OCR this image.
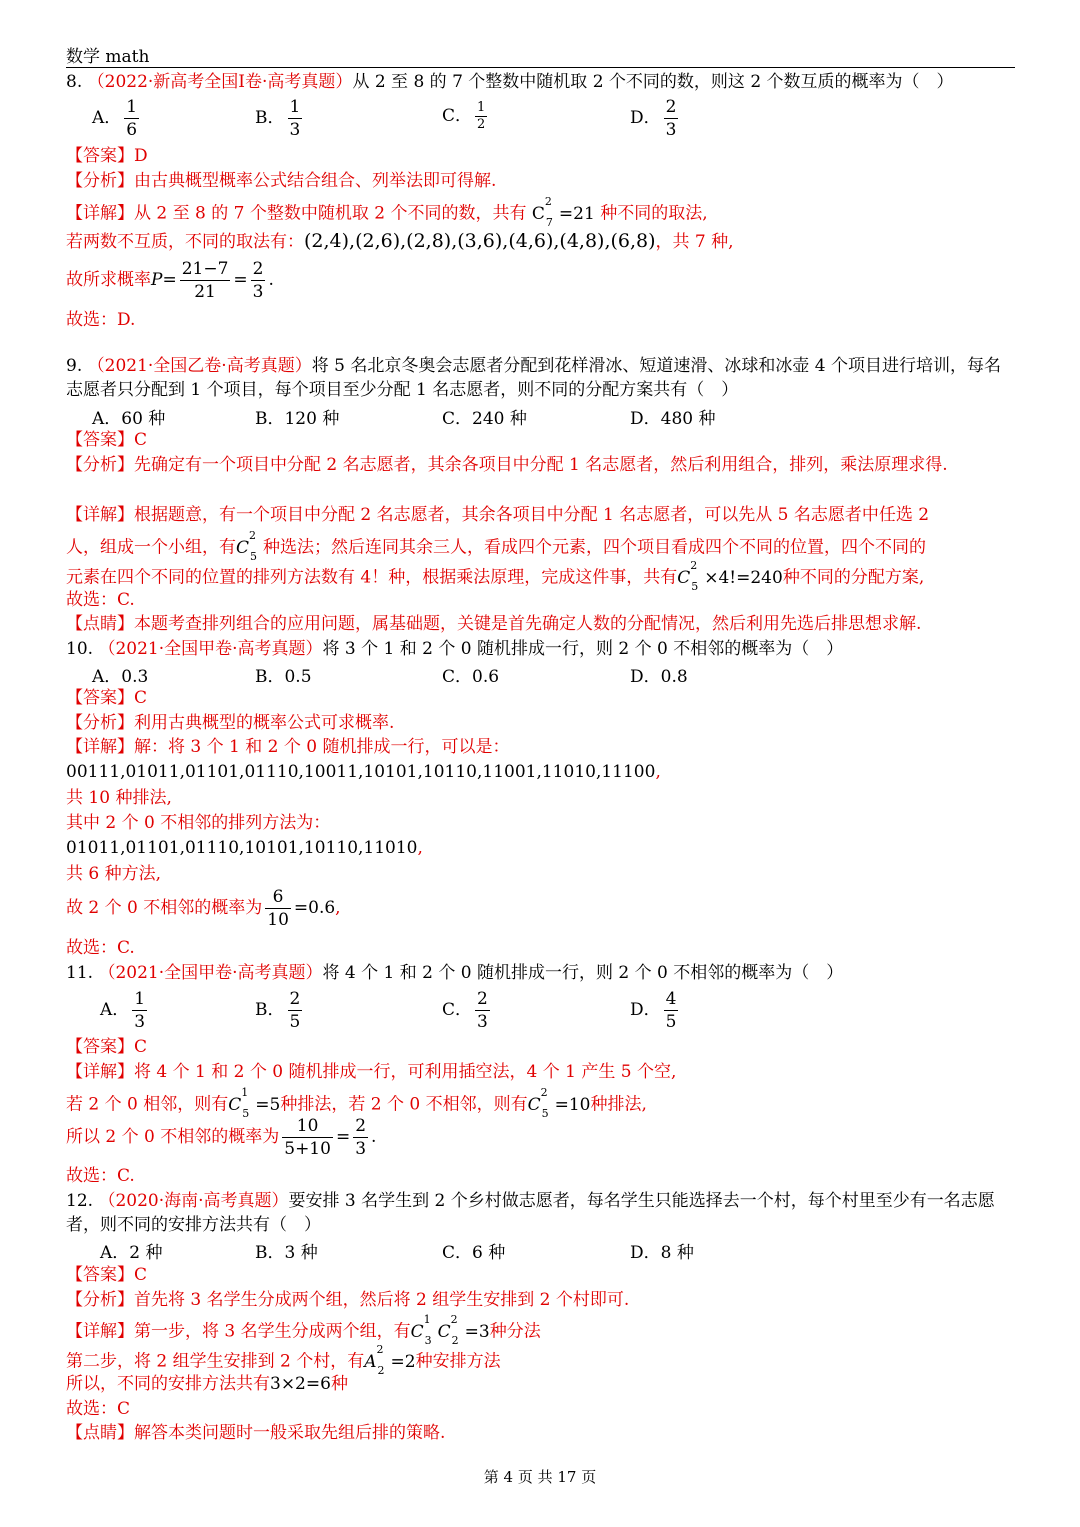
数学 math
8. （2022·新高考全国Ⅰ卷·高考真题）从 2 至 8 的 7 个整数中随机取 2 个不同的数，则这 2 个数互质的概率为（　）
A． $\frac{1}{6}$	B． $\frac{1}{3}$	C． $\frac{1}{2}$	D． $\frac{2}{3}$
【答案】D
【分析】由古典概型概率公式结合组合、列举法即可得解.
【详解】从 2 至 8 的 7 个整数中随机取 2 个不同的数，共有 $C^2_7 =21$ 种不同的取法,
若两数不互质，不同的取法有：(2,4),(2,6),(2,8),(3,6),(4,6),(4,8),(6,8)，共 7 种,
故所求概率$P= \frac{21-7}{21} = \frac{2}{3}$ .
故选：D.
9. （2021·全国乙卷·高考真题）将 5 名北京冬奥会志愿者分配到花样滑冰、短道速滑、冰球和冰壶 4 个项目进行培训，每名志愿者只分配到 1 个项目，每个项目至少分配 1 名志愿者，则不同的分配方案共有（　）
A．60 种	B．120 种	C．240 种	D．480 种
【答案】C
【分析】先确定有一个项目中分配 2 名志愿者，其余各项目中分配 1 名志愿者，然后利用组合，排列，乘法原理求得.
【详解】根据题意，有一个项目中分配 2 名志愿者，其余各项目中分配 1 名志愿者，可以先从 5 名志愿者中任选 2
人，组成一个小组，有$C^2_5$ 种选法；然后连同其余三人，看成四个元素，四个项目看成四个不同的位置，四个不同的
元素在四个不同的位置的排列方法数有 4！种，根据乘法原理，完成这件事，共有$C^2_5 \times 4!=240$种不同的分配方案,
故选：C.
【点睛】本题考查排列组合的应用问题，属基础题，关键是首先确定人数的分配情况，然后利用先选后排思想求解.
10. （2021·全国甲卷·高考真题）将 3 个 1 和 2 个 0 随机排成一行，则 2 个 0 不相邻的概率为（　）
A．0.3	B．0.5	C．0.6	D．0.8
【答案】C
【分析】利用古典概型的概率公式可求概率.
【详解】解：将 3 个 1 和 2 个 0 随机排成一行，可以是：
00111,01011,01101,01110,10011,10101,10110,11001,11010,11100,
共 10 种排法,
其中 2 个 0 不相邻的排列方法为：
01011,01101,01110,10101,10110,11010,
共 6 种方法,
故 2 个 0 不相邻的概率为 $\frac{6}{10} =0.6$,
故选：C.
11. （2021·全国甲卷·高考真题）将 4 个 1 和 2 个 0 随机排成一行，则 2 个 0 不相邻的概率为（　）
A． $\frac{1}{3}$	B． $\frac{2}{5}$	C． $\frac{2}{3}$	D． $\frac{4}{5}$
【答案】C
【详解】将 4 个 1 和 2 个 0 随机排成一行，可利用插空法，4 个 1 产生 5 个空,
若 2 个 0 相邻，则有$C^1_5 =5$种排法，若 2 个 0 不相邻，则有$C^2_5 =10$种排法,
所以 2 个 0 不相邻的概率为 $\frac{10}{5+10} = \frac{2}{3}$ .
故选：C.
12. （2020·海南·高考真题）要安排 3 名学生到 2 个乡村做志愿者，每名学生只能选择去一个村，每个村里至少有一名志愿者，则不同的安排方法共有（　）
A．2 种	B．3 种	C．6 种	D．8 种
【答案】C
【分析】首先将 3 名学生分成两个组，然后将 2 组学生安排到 2 个村即可.
【详解】第一步，将 3 名学生分成两个组，有$C^1_3$ $C^2_2 =3$种分法
第二步，将 2 组学生安排到 2 个村，有$A^2_2 =2$种安排方法
所以，不同的安排方法共有3×2=6种
故选：C
【点睛】解答本类问题时一般采取先组后排的策略.
第 4 页 共 17 页
